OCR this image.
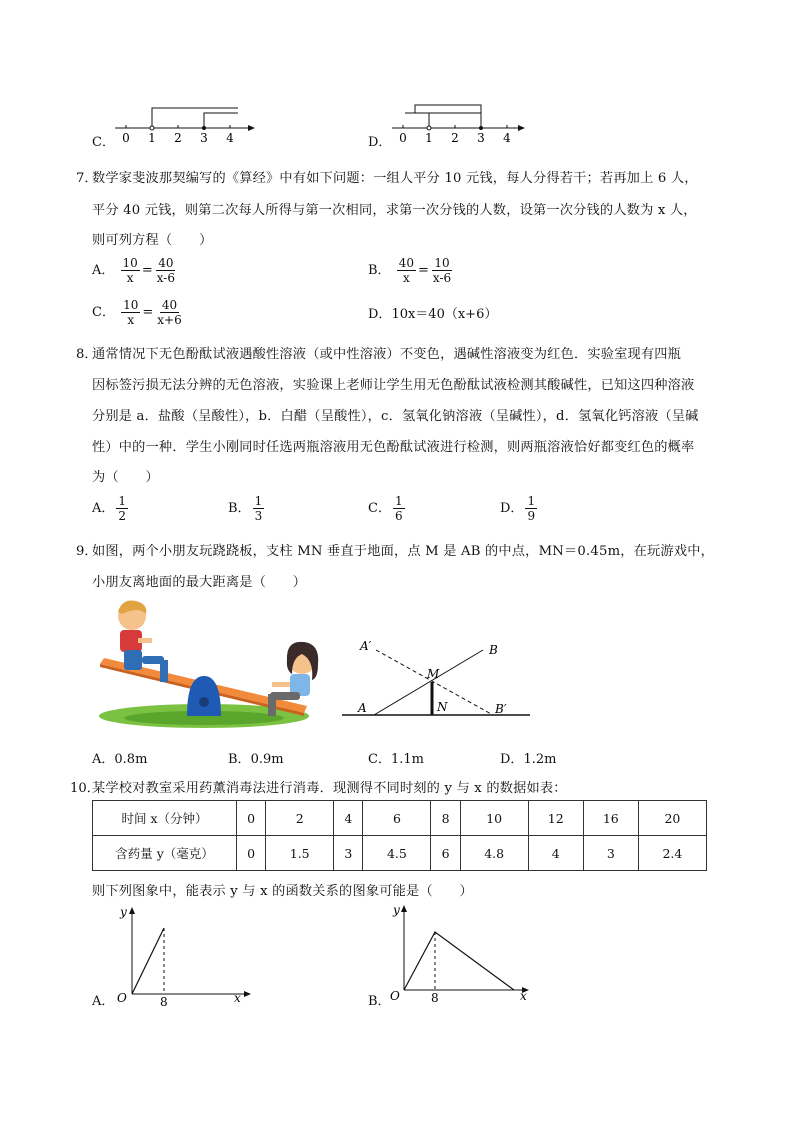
C． 0 1 2 3 4	D． 0 1 2 3 4
7．
数学家斐波那契编写的《算经》中有如下问题：一组人平分 10 元钱，每人分得若干；若再加上 6 人，
平分 40 元钱，则第二次每人所得与第一次相同，求第一次分钱的人数，设第一次分钱的人数为 x 人，
则可列方程（　　）
A． $\frac{10}{x} = \frac{40}{x-6}$	B． $\frac{40}{x} = \frac{10}{x-6}$
C． $\frac{10}{x} = \frac{40}{x+6}$	D．10x＝40（x+6）
8．
通常情况下无色酚酞试液遇酸性溶液（或中性溶液）不变色，遇碱性溶液变为红色．实验室现有四瓶
因标签污损无法分辨的无色溶液，实验课上老师让学生用无色酚酞试液检测其酸碱性，已知这四种溶液
分别是 a．盐酸（呈酸性），b．白醋（呈酸性），c．氢氧化钠溶液（呈碱性），d．氢氧化钙溶液（呈碱
性）中的一种．学生小刚同时任选两瓶溶液用无色酚酞试液进行检测，则两瓶溶液恰好都变红色的概率
为（　　）
A． $\frac{1}{2}$	B． $\frac{1}{3}$	C． $\frac{1}{6}$	D． $\frac{1}{9}$
9．
如图，两个小朋友玩跷跷板，支柱 MN 垂直于地面，点 M 是 AB 的中点，MN＝0.45m，在玩游戏中，
小朋友离地面的最大距离是（　　）
A′	B
M
A	N	B′
A．0.8m	B．0.9m	C．1.1m	D．1.2m
10．
某学校对教室采用药薰消毒法进行消毒．现测得不同时刻的 y 与 x 的数据如表：
时间 x（分钟）	0	2	4	6	8	10	12	16	20
含药量 y（毫克）	0	1.5	3	4.5	6	4.8	4	3	2.4
则下列图象中，能表示 y 与 x 的函数关系的图象可能是（　　）
A．
y
O	8	x	B．
y
O	8	x
